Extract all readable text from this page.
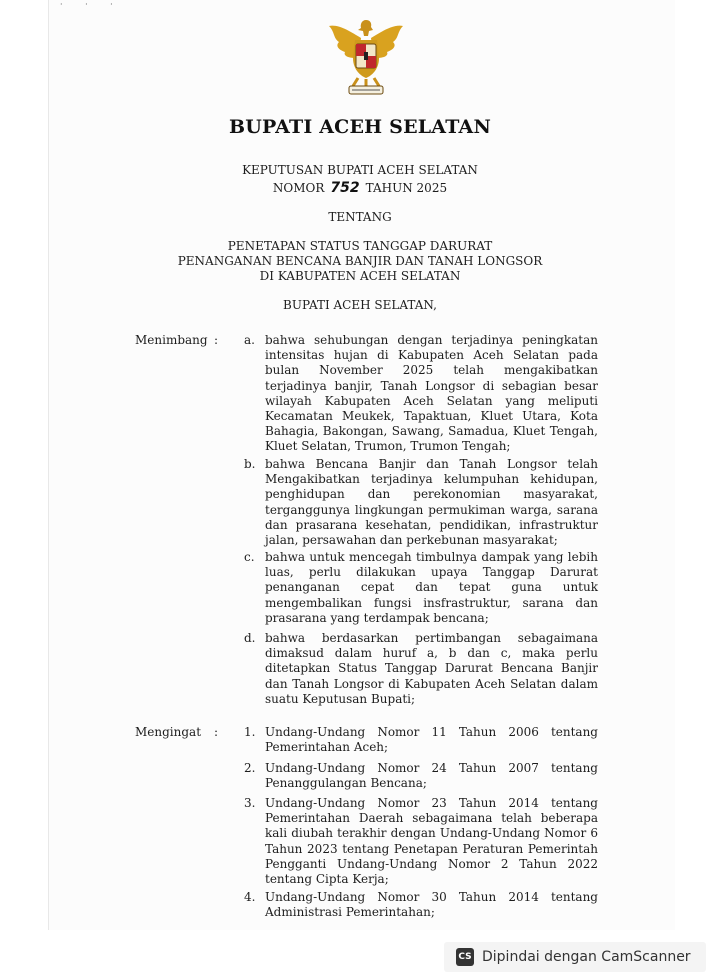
· · ·
BUPATI ACEH SELATAN
KEPUTUSAN BUPATI ACEH SELATAN
NOMOR 752 TAHUN 2025
TENTANG
PENETAPAN STATUS TANGGAP DARURAT
PENANGANAN BENCANA BANJIR DAN TANAH LONGSOR
DI KABUPATEN ACEH SELATAN
BUPATI ACEH SELATAN,
Menimbang : a. bahwa sehubungan dengan terjadinya peningkatan intensitas hujan di Kabupaten Aceh Selatan pada bulan November 2025 telah mengakibatkan terjadinya banjir, Tanah Longsor di sebagian besar wilayah Kabupaten Aceh Selatan yang meliputi Kecamatan Meukek, Tapaktuan, Kluet Utara, Kota Bahagia, Bakongan, Sawang, Samadua, Kluet Tengah, Kluet Selatan, Trumon, Trumon Tengah;
b. bahwa Bencana Banjir dan Tanah Longsor telah Mengakibatkan terjadinya kelumpuhan kehidupan, penghidupan dan perekonomian masyarakat, terganggunya lingkungan permukiman warga, sarana dan prasarana kesehatan, pendidikan, infrastruktur jalan, persawahan dan perkebunan masyarakat;
c. bahwa untuk mencegah timbulnya dampak yang lebih luas, perlu dilakukan upaya Tanggap Darurat penanganan cepat dan tepat guna untuk mengembalikan fungsi insfrastruktur, sarana dan prasarana yang terdampak bencana;
d. bahwa berdasarkan pertimbangan sebagaimana dimaksud dalam huruf a, b dan c, maka perlu ditetapkan Status Tanggap Darurat Bencana Banjir dan Tanah Longsor di Kabupaten Aceh Selatan dalam suatu Keputusan Bupati;
Mengingat : 1. Undang-Undang Nomor 11 Tahun 2006 tentang Pemerintahan Aceh;
2. Undang-Undang Nomor 24 Tahun 2007 tentang Penanggulangan Bencana;
3. Undang-Undang Nomor 23 Tahun 2014 tentang Pemerintahan Daerah sebagaimana telah beberapa kali diubah terakhir dengan Undang-Undang Nomor 6 Tahun 2023 tentang Penetapan Peraturan Pemerintah Pengganti Undang-Undang Nomor 2 Tahun 2022 tentang Cipta Kerja;
4. Undang-Undang Nomor 30 Tahun 2014 tentang Administrasi Pemerintahan;
CS Dipindai dengan CamScanner
